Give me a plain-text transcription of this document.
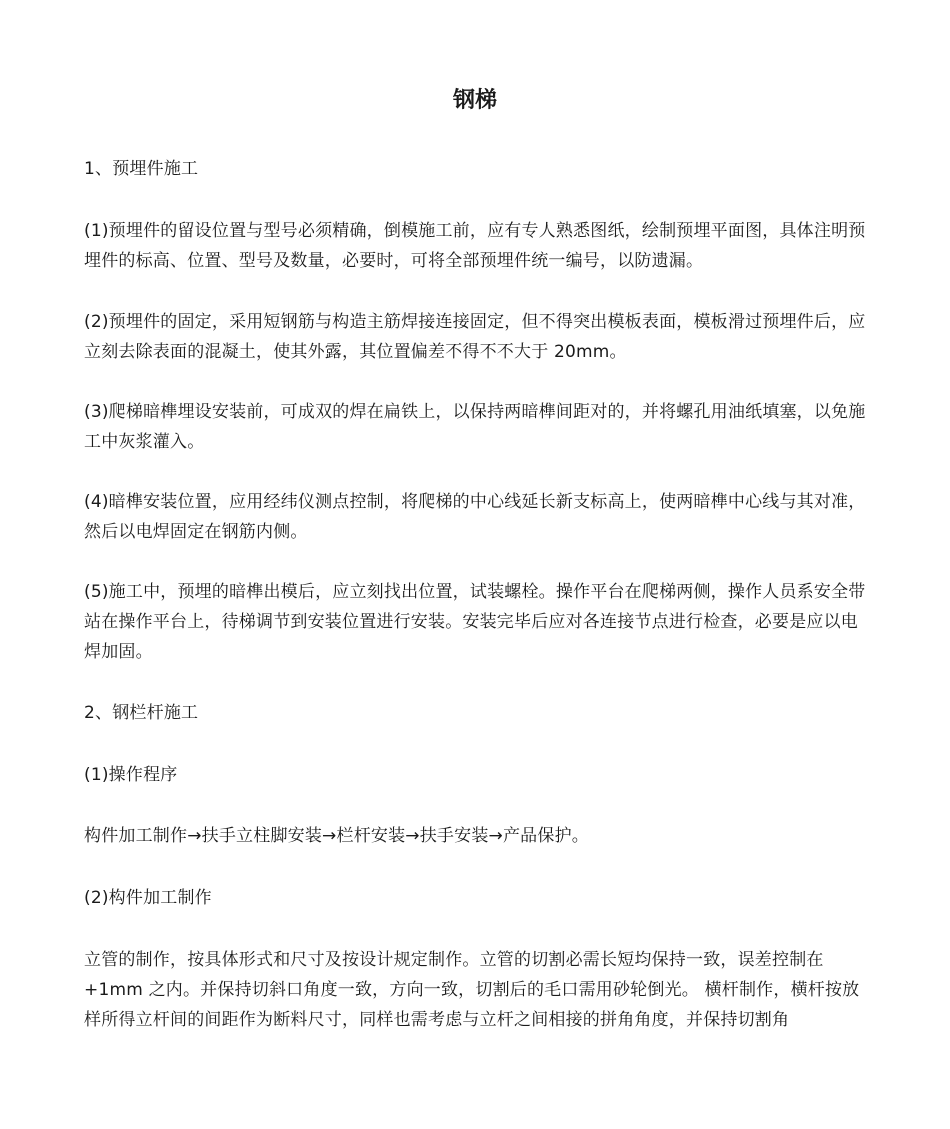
钢梯

1、预埋件施工

(1)预埋件的留设位置与型号必须精确，倒模施工前，应有专人熟悉图纸，绘制预埋平面图，具体注明预埋件的标高、位置、型号及数量，必要时，可将全部预埋件统一编号，以防遗漏。

(2)预埋件的固定，采用短钢筋与构造主筋焊接连接固定，但不得突出模板表面，模板滑过预埋件后，应立刻去除表面的混凝土，使其外露，其位置偏差不得不不大于 20mm。

(3)爬梯暗榫埋设安装前，可成双的焊在扁铁上，以保持两暗榫间距对的，并将螺孔用油纸填塞，以免施工中灰浆灌入。

(4)暗榫安装位置，应用经纬仪测点控制，将爬梯的中心线延长新支标高上，使两暗榫中心线与其对准，然后以电焊固定在钢筋内侧。

(5)施工中，预埋的暗榫出模后，应立刻找出位置，试装螺栓。操作平台在爬梯两侧，操作人员系安全带站在操作平台上，待梯调节到安装位置进行安装。安装完毕后应对各连接节点进行检查，必要是应以电焊加固。

2、钢栏杆施工

(1)操作程序

构件加工制作→扶手立柱脚安装→栏杆安装→扶手安装→产品保护。

(2)构件加工制作

立管的制作，按具体形式和尺寸及按设计规定制作。立管的切割必需长短均保持一致，误差控制在+1mm 之内。并保持切斜口角度一致，方向一致，切割后的毛口需用砂轮倒光。 横杆制作，横杆按放样所得立杆间的间距作为断料尺寸，同样也需考虑与立杆之间相接的拼角角度，并保持切割角
